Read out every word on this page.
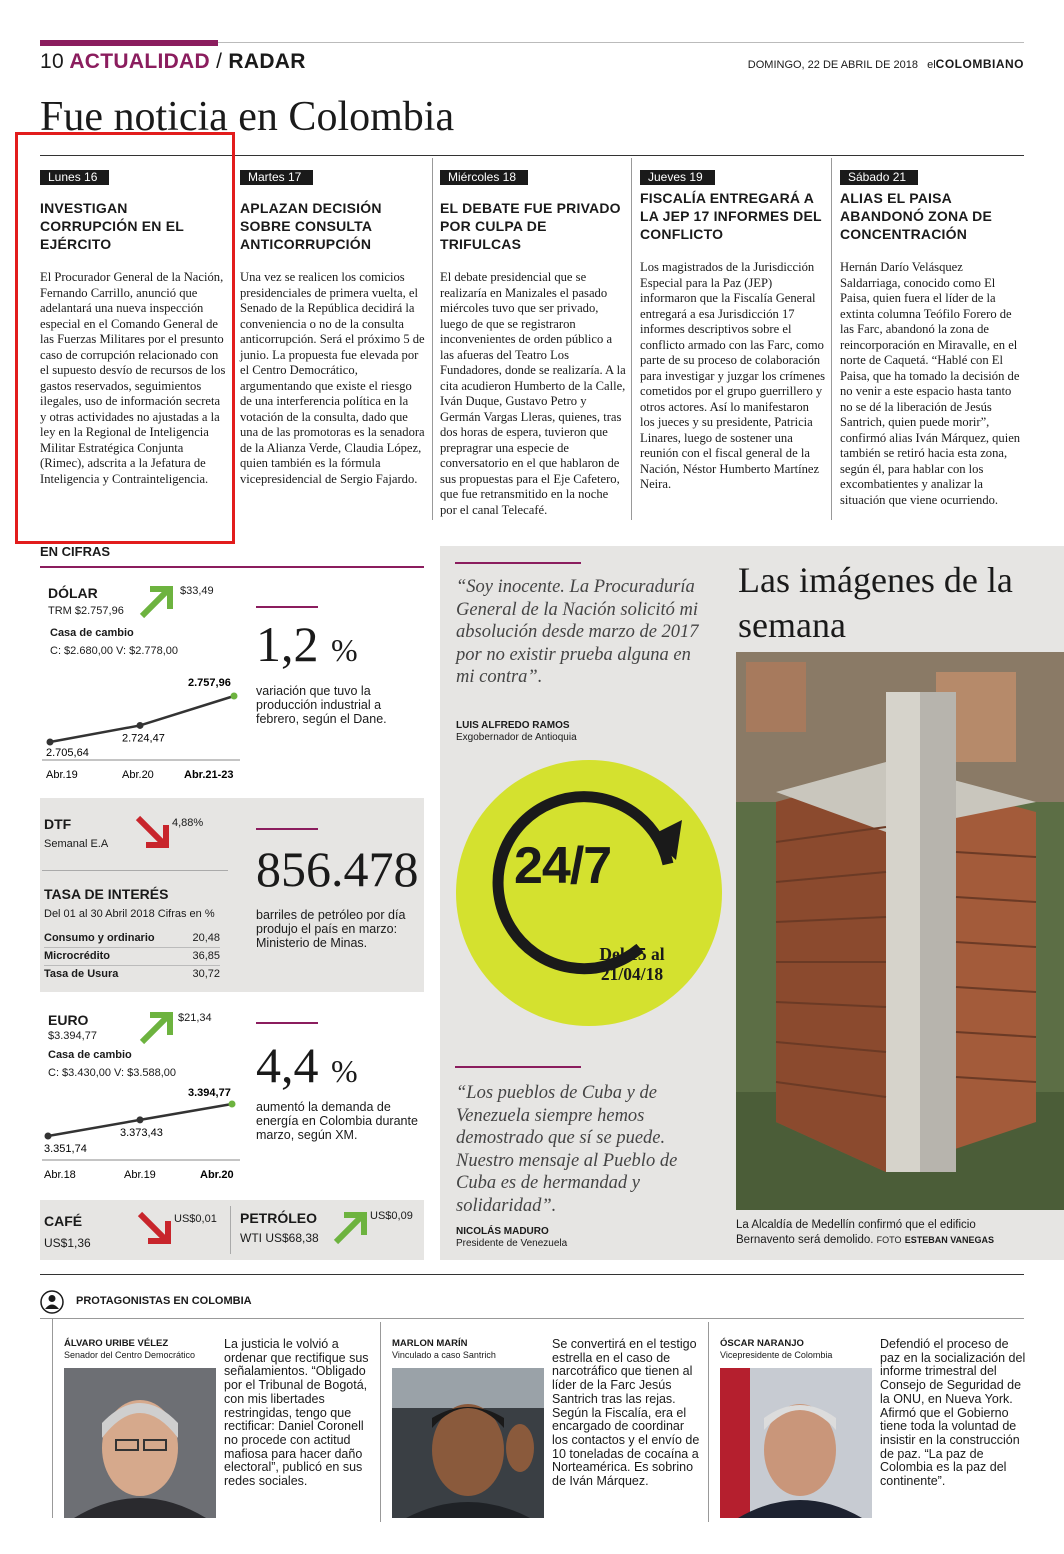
10 ACTUALIDAD / RADAR	DOMINGO, 22 DE ABRIL DE 2018 elCOLOMBIANO
Fue noticia en Colombia
Lunes 16
INVESTIGAN CORRUPCIÓN EN EL EJÉRCITO

El Procurador General de la Nación, Fernando Carrillo, anunció que adelantará una nueva inspección especial en el Comando General de las Fuerzas Militares por el presunto caso de corrupción relacionado con el supuesto desvío de recursos de los gastos reservados, seguimientos ilegales, uso de información secreta y otras actividades no ajustadas a la ley en la Regional de Inteligencia Militar Estratégica Conjunta (Rimec), adscrita a la Jefatura de Inteligencia y Contrainteligencia.

Martes 17
APLAZAN DECISIÓN SOBRE CONSULTA ANTICORRUPCIÓN

Una vez se realicen los comicios presidenciales de primera vuelta, el Senado de la República decidirá la conveniencia o no de la consulta anticorrupción. Será el próximo 5 de junio. La propuesta fue elevada por el Centro Democrático, argumentando que existe el riesgo de una interferencia política en la votación de la consulta, dado que una de las promotoras es la senadora de la Alianza Verde, Claudia López, quien también es la fórmula vicepresidencial de Sergio Fajardo.

Miércoles 18
EL DEBATE FUE PRIVADO POR CULPA DE TRIFULCAS

El debate presidencial que se realizaría en Manizales el pasado miércoles tuvo que ser privado, luego de que se registraron inconvenientes de orden público a las afueras del Teatro Los Fundadores, donde se realizaría. A la cita acudieron Humberto de la Calle, Iván Duque, Gustavo Petro y Germán Vargas Lleras, quienes, tras dos horas de espera, tuvieron que prepragrar una especie de conversatorio en el que hablaron de sus propuestas para el Eje Cafetero, que fue retransmitido en la noche por el canal Telecafé.

Jueves 19
FISCALÍA ENTREGARÁ A LA JEP 17 INFORMES DEL CONFLICTO

Los magistrados de la Jurisdicción Especial para la Paz (JEP) informaron que la Fiscalía General entregará a esa Jurisdicción 17 informes descriptivos sobre el conflicto armado con las Farc, como parte de su proceso de colaboración para investigar y juzgar los crímenes cometidos por el grupo guerrillero y otros actores. Así lo manifestaron los jueces y su presidente, Patricia Linares, luego de sostener una reunión con el fiscal general de la Nación, Néstor Humberto Martínez Neira.

Sábado 21
ALIAS EL PAISA ABANDONÓ ZONA DE CONCENTRACIÓN

Hernán Darío Velásquez Saldarriaga, conocido como El Paisa, quien fuera el líder de la extinta columna Teófilo Forero de las Farc, abandonó la zona de reincorporación en Miravalle, en el norte de Caquetá. “Hablé con El Paisa, que ha tomado la decisión de no venir a este espacio hasta tanto no se dé la liberación de Jesús Santrich, quien puede morir”, confirmó alias Iván Márquez, quien también se retiró hacia esta zona, según él, para hablar con los excombatientes y analizar la situación que viene ocurriendo.

EN CIFRAS
DÓLAR
TRM $2.757,96
Casa de cambio
C: $2.680,00 V: $2.778,00
$33,49
2.705,64
Abr.19
2.724,47
Abr.20
2.757,96
Abr.21-23
1,2 %
variación que tuvo la producción industrial a febrero, según el Dane.
DTF
Semanal E.A
4,88%
TASA DE INTERÉS
Del 01 al 30 Abril 2018 Cifras en %
Consumo y ordinario	20,48
Microcrédito	36,85
Tasa de Usura	30,72
856.478
barriles de petróleo por día produjo el país en marzo: Ministerio de Minas.
EURO
$3.394,77
Casa de cambio
C: $3.430,00 V: $3.588,00
$21,34
3.351,74
Abr.18
3.373,43
Abr.19
3.394,77
Abr.20
4,4 %
aumentó la demanda de energía en Colombia durante marzo, según XM.
CAFÉ
US$1,36
US$0,01 PETRÓLEO
WTI US$68,38
US$0,09
“Soy inocente. La Procuraduría General de la Nación solicitó mi absolución desde marzo de 2017 por no existir prueba alguna en mi contra”.
LUIS ALFREDO RAMOS
Exgobernador de Antioquia
24/7
Del 15 al 21/04/18
“Los pueblos de Cuba y de Venezuela siempre hemos demostrado que sí se puede. Nuestro mensaje al Pueblo de Cuba es de hermandad y solidaridad”.
NICOLÁS MADURO
Presidente de Venezuela
Las imágenes de la semana
La Alcaldía de Medellín confirmó que el edificio Bernavento será demolido. FOTO ESTEBAN VANEGAS
PROTAGONISTAS EN COLOMBIA
ÁLVARO URIBE VÉLEZ
Senador del Centro Democrático
La justicia le volvió a ordenar que rectifique sus señalamientos. “Obligado por el Tribunal de Bogotá, con mis libertades restringidas, tengo que rectificar: Daniel Coronell no procede con actitud mafiosa para hacer daño electoral”, publicó en sus redes sociales.
MARLON MARÍN
Vinculado a caso Santrich
Se convertirá en el testigo estrella en el caso de narcotráfico que tienen al líder de la Farc Jesús Santrich tras las rejas. Según la Fiscalía, era el encargado de coordinar los contactos y el envío de 10 toneladas de cocaína a Norteamérica. Es sobrino de Iván Márquez.
ÓSCAR NARANJO
Vicepresidente de Colombia
Defendió el proceso de paz en la socialización del informe trimestral del Consejo de Seguridad de la ONU, en Nueva York. Afirmó que el Gobierno tiene toda la voluntad de insistir en la construcción de paz. “La paz de Colombia es la paz del continente”.
